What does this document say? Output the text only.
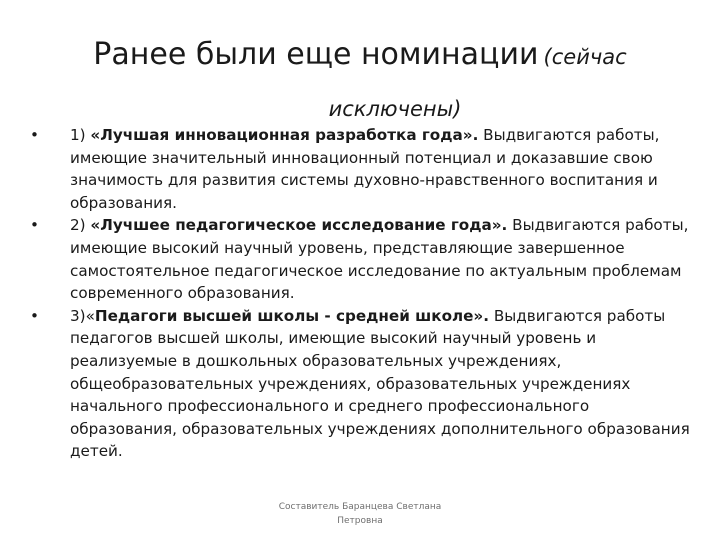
Ранее были еще номинации (сейчас
исключены)

•	1) «Лучшая инновационная разработка года». Выдвигаются работы, имеющие значительный инновационный потенциал и доказавшие свою значимость для развития системы духовно-нравственного воспитания и образования.

•	2) «Лучшее педагогическое исследование года». Выдвигаются работы, имеющие высокий научный уровень, представляющие завершенное самостоятельное педагогическое исследование по актуальным проблемам современного образования.

•	3)«Педагоги высшей школы - средней школе». Выдвигаются работы педагогов высшей школы, имеющие высокий научный уровень и реализуемые в дошкольных образовательных учреждениях, общеобразовательных учреждениях, образовательных учреждениях начального профессионального и среднего профессионального образования, образовательных учреждениях дополнительного образования детей.

Составитель Баранцева Светлана
Петровна
